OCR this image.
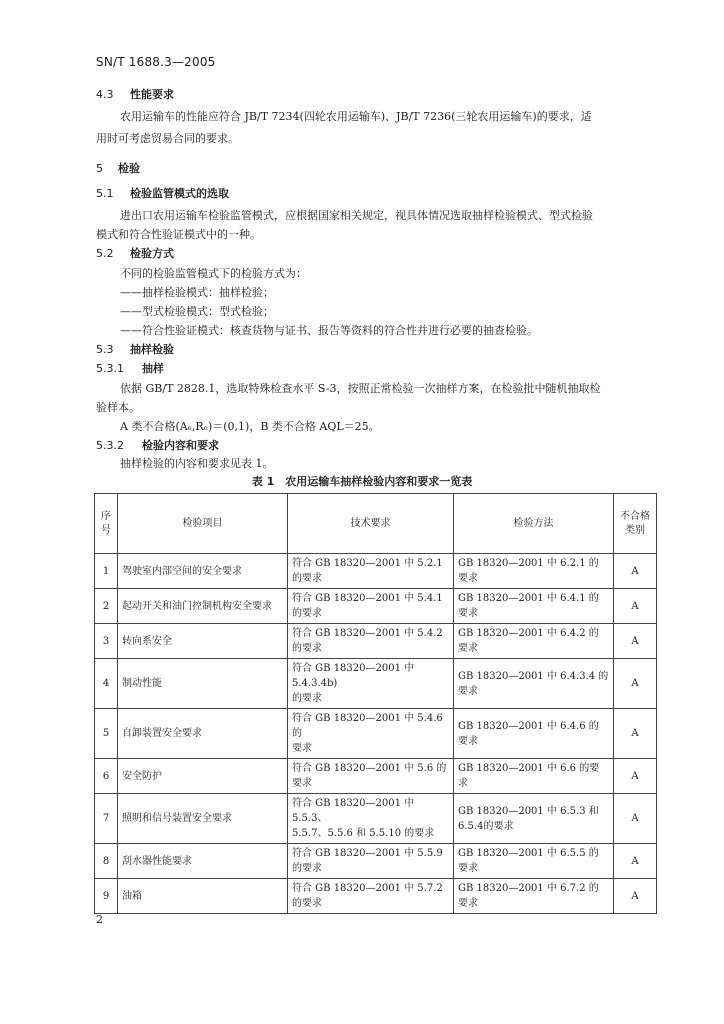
SN/T 1688.3—2005
4.3 性能要求
农用运输车的性能应符合 JB/T 7234(四轮农用运输车)、JB/T 7236(三轮农用运输车)的要求，适
用时可考虑贸易合同的要求。
5 检验
5.1 检验监管模式的选取
进出口农用运输车检验监管模式，应根据国家相关规定，视具体情况选取抽样检验模式、型式检验
模式和符合性验证模式中的一种。
5.2 检验方式
不同的检验监管模式下的检验方式为：
——抽样检验模式：抽样检验；
——型式检验模式：型式检验；
——符合性验证模式：核查货物与证书、报告等资料的符合性并进行必要的抽查检验。
5.3 抽样检验
5.3.1 抽样
依据 GB/T 2828.1，选取特殊检查水平 S-3，按照正常检验一次抽样方案，在检验批中随机抽取检
验样本。
A 类不合格(Aₑ,Rₑ)＝(0,1)，B 类不合格 AQL＝25。
5.3.2 检验内容和要求
抽样检验的内容和要求见表 1。
表 1　农用运输车抽样检验内容和要求一览表
序
号	检验项目	技术要求	检验方法	不合格
类别
1	驾驶室内部空间的安全要求	符合 GB 18320—2001 中 5.2.1
的要求	GB 18320—2001 中 6.2.1 的
要求	A
2	起动开关和油门控制机构安全要求	符合 GB 18320—2001 中 5.4.1
的要求	GB 18320—2001 中 6.4.1 的
要求	A
3	转向系安全	符合 GB 18320—2001 中 5.4.2
的要求	GB 18320—2001 中 6.4.2 的
要求	A
4	制动性能	符合 GB 18320—2001 中5.4.3.4b)
的要求	GB 18320—2001 中 6.4.3.4 的
要求	A
5	自卸装置安全要求	符合 GB 18320—2001 中 5.4.6 的
要求	GB 18320—2001 中 6.4.6 的
要求	A
6	安全防护	符合 GB 18320—2001 中 5.6 的
要求	GB 18320—2001 中 6.6 的要求	A
7	照明和信号装置安全要求	符合 GB 18320—2001 中 5.5.3、
5.5.7、5.5.6 和 5.5.10 的要求	GB 18320—2001 中 6.5.3 和
6.5.4的要求	A
8	刮水器性能要求	符合 GB 18320—2001 中 5.5.9
的要求	GB 18320—2001 中 6.5.5 的
要求	A
9	油箱	符合 GB 18320—2001 中 5.7.2
的要求	GB 18320—2001 中 6.7.2 的
要求	A
2
